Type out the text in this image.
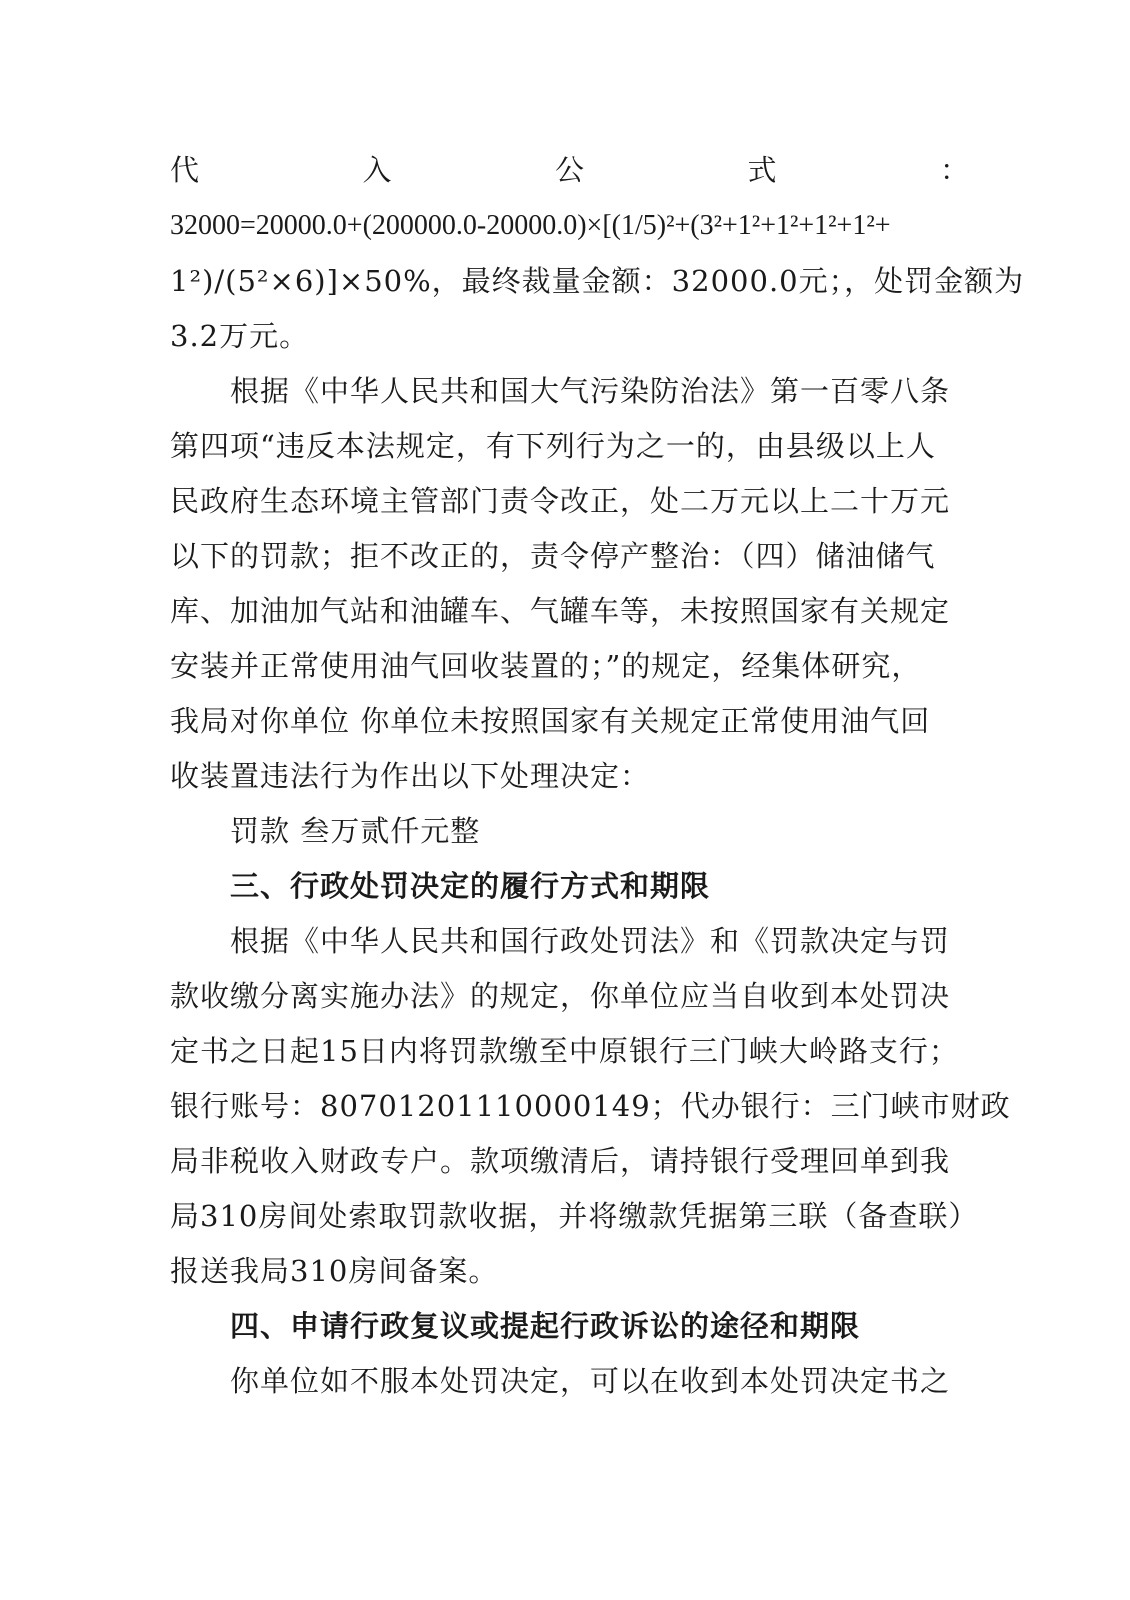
代	入	公	式	：
32000=20000.0+(200000.0-20000.0)×[(1/5)²+(3²+1²+1²+1²+1²+
1²)/(5²×6)]×50%，最终裁量金额：32000.0元；，处罚金额为
3.2万元。
根据《中华人民共和国大气污染防治法》第一百零八条
第四项“违反本法规定，有下列行为之一的，由县级以上人
民政府生态环境主管部门责令改正，处二万元以上二十万元
以下的罚款；拒不改正的，责令停产整治：（四）储油储气
库、加油加气站和油罐车、气罐车等，未按照国家有关规定
安装并正常使用油气回收装置的；”的规定，经集体研究，
我局对你单位 你单位未按照国家有关规定正常使用油气回
收装置违法行为作出以下处理决定：
罚款 叁万贰仟元整
三、行政处罚决定的履行方式和期限
根据《中华人民共和国行政处罚法》和《罚款决定与罚
款收缴分离实施办法》的规定，你单位应当自收到本处罚决
定书之日起15日内将罚款缴至中原银行三门峡大岭路支行；
银行账号：80701201110000149；代办银行：三门峡市财政
局非税收入财政专户。款项缴清后，请持银行受理回单到我
局310房间处索取罚款收据，并将缴款凭据第三联（备查联）
报送我局310房间备案。
四、申请行政复议或提起行政诉讼的途径和期限
你单位如不服本处罚决定，可以在收到本处罚决定书之
